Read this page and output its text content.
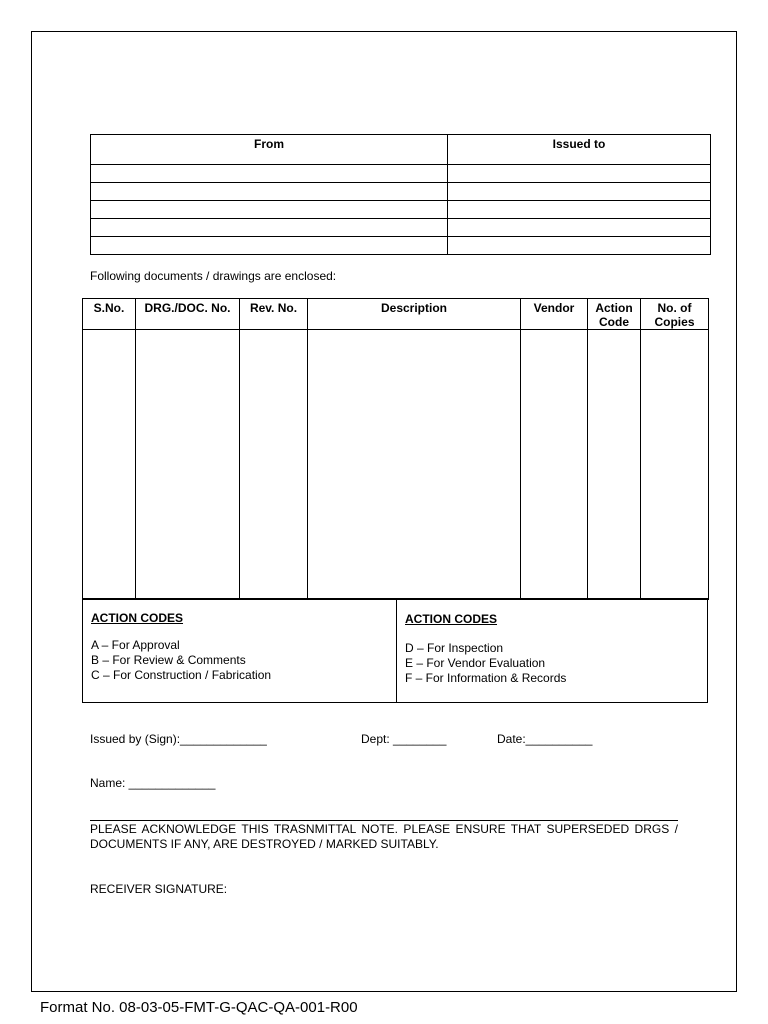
From	Issued to

Following documents / drawings are enclosed:
S.No.	DRG./DOC. No.	Rev. No.	Description	Vendor	Action Code	No. of Copies

ACTION CODES
A – For Approval
B – For Review & Comments
C – For Construction / Fabrication

ACTION CODES
D – For Inspection
E – For Vendor Evaluation
F – For Information & Records
Issued by (Sign):_____________	Dept: ________	Date:__________
Name: _____________
PLEASE ACKNOWLEDGE THIS TRASNMITTAL NOTE. PLEASE ENSURE THAT SUPERSEDED DRGS / DOCUMENTS IF ANY, ARE DESTROYED / MARKED SUITABLY.
RECEIVER SIGNATURE:
Format No. 08-03-05-FMT-G-QAC-QA-001-R00
